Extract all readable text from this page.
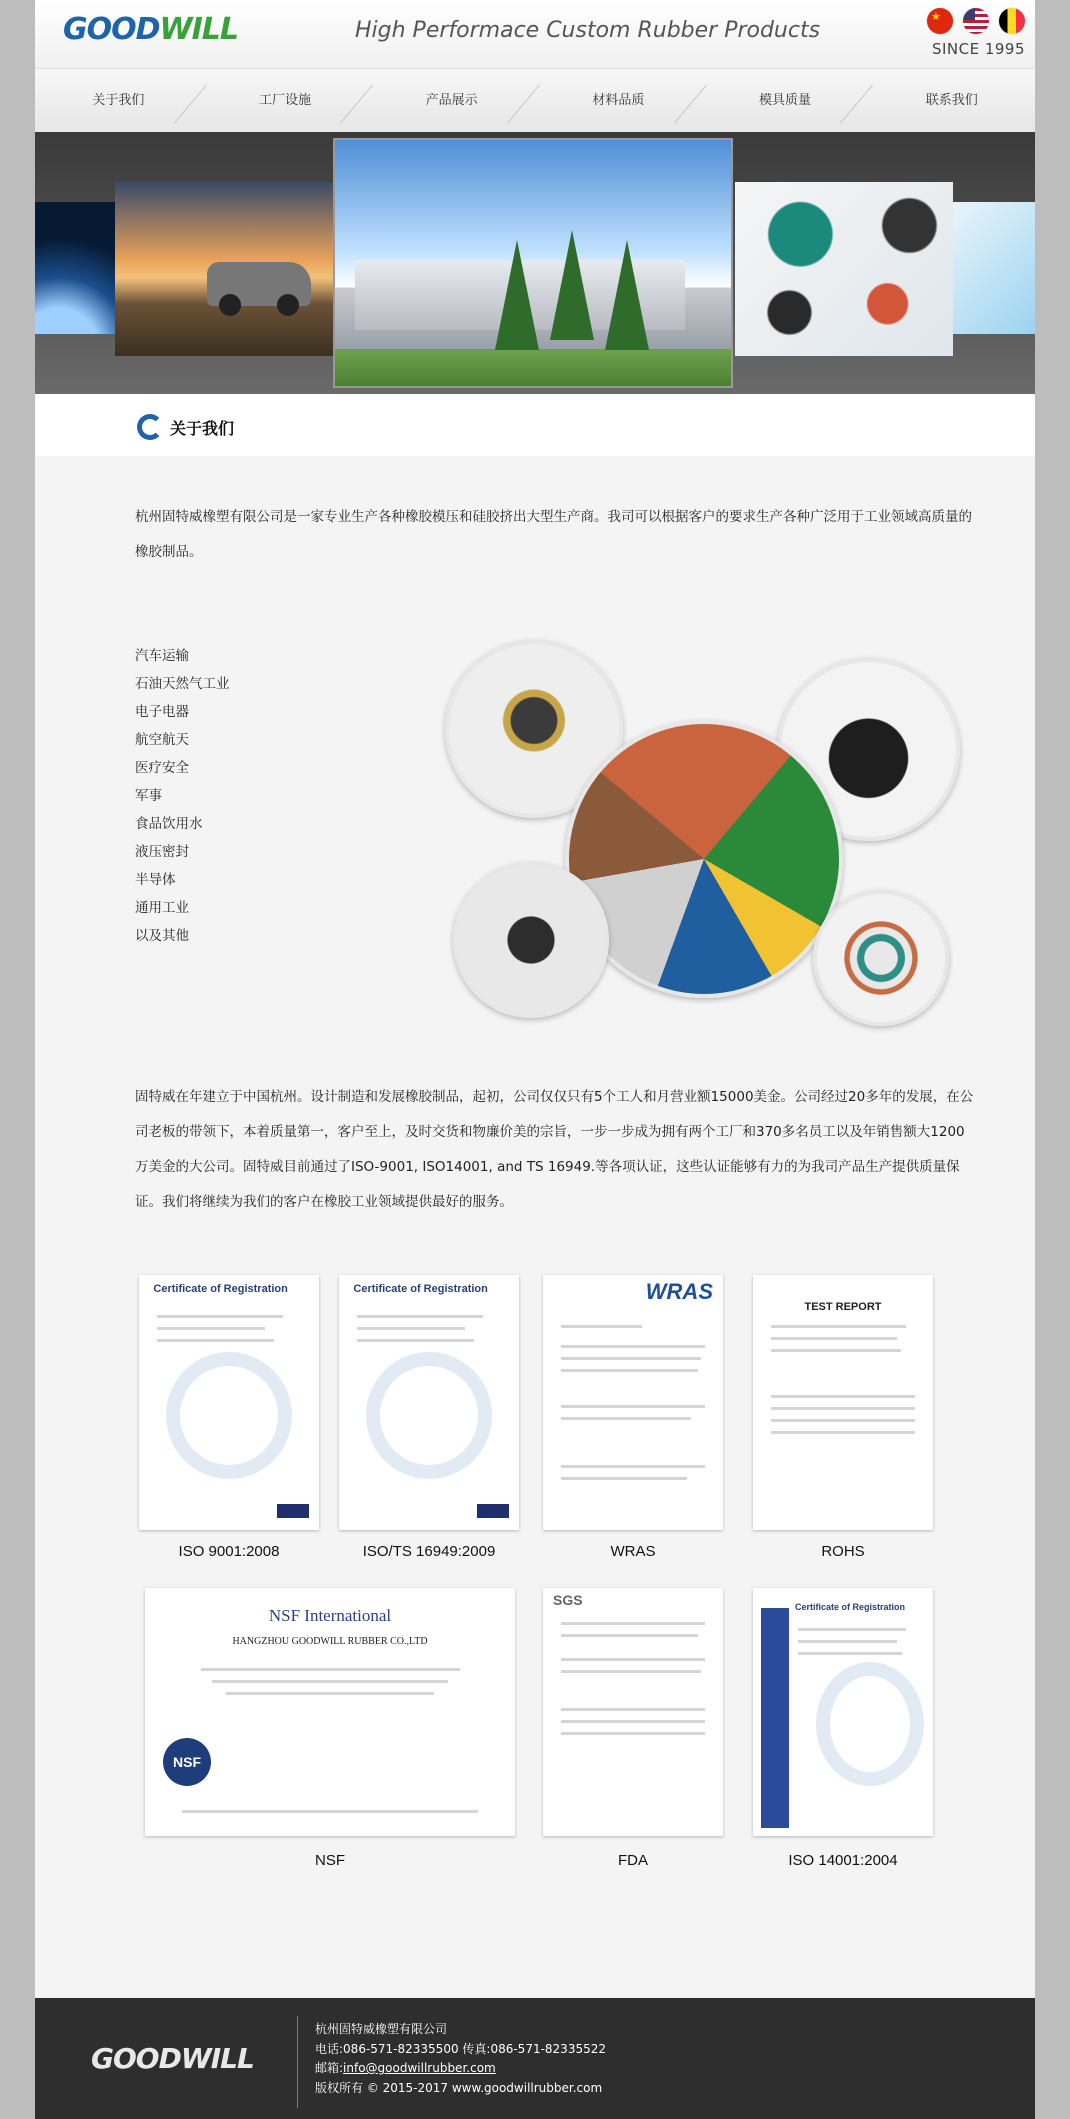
GOODWILL	High Performace Custom Rubber Products
★
SINCE 1995
关于我们	工厂设施	产品展示	材料品质	模具质量	联系我们
关于我们
杭州固特威橡塑有限公司是一家专业生产各种橡胶模压和硅胶挤出大型生产商。我司可以根据客户的要求生产各种广泛用于工业领域高质量的橡胶制品。
汽车运输
石油天然气工业
电子电器
航空航天
医疗安全
军事
食品饮用水
液压密封
半导体
通用工业
以及其他
固特威在年建立于中国杭州。设计制造和发展橡胶制品，起初，公司仅仅只有5个工人和月营业额15000美金。公司经过20多年的发展，在公司老板的带领下，本着质量第一，客户至上，及时交货和物廉价美的宗旨，一步一步成为拥有两个工厂和370多名员工以及年销售额大1200万美金的大公司。固特威目前通过了ISO-9001, ISO14001, and TS 16949.等各项认证，这些认证能够有力的为我司产品生产提供质量保证。我们将继续为我们的客户在橡胶工业领域提供最好的服务。
Certificate of Registration
ISO 9001:2008
Certificate of Registration
ISO/TS 16949:2009
WRAS
WRAS
TEST REPORT
ROHS
NSF International
HANGZHOU GOODWILL RUBBER CO.,LTD
NSF
NSF
SGS
FDA
Certificate of Registration
ISO 14001:2004
GOODWILL
杭州固特威橡塑有限公司
电话:086-571-82335500 传真:086-571-82335522
邮箱:info@goodwillrubber.com
版权所有 © 2015-2017 www.goodwillrubber.com
